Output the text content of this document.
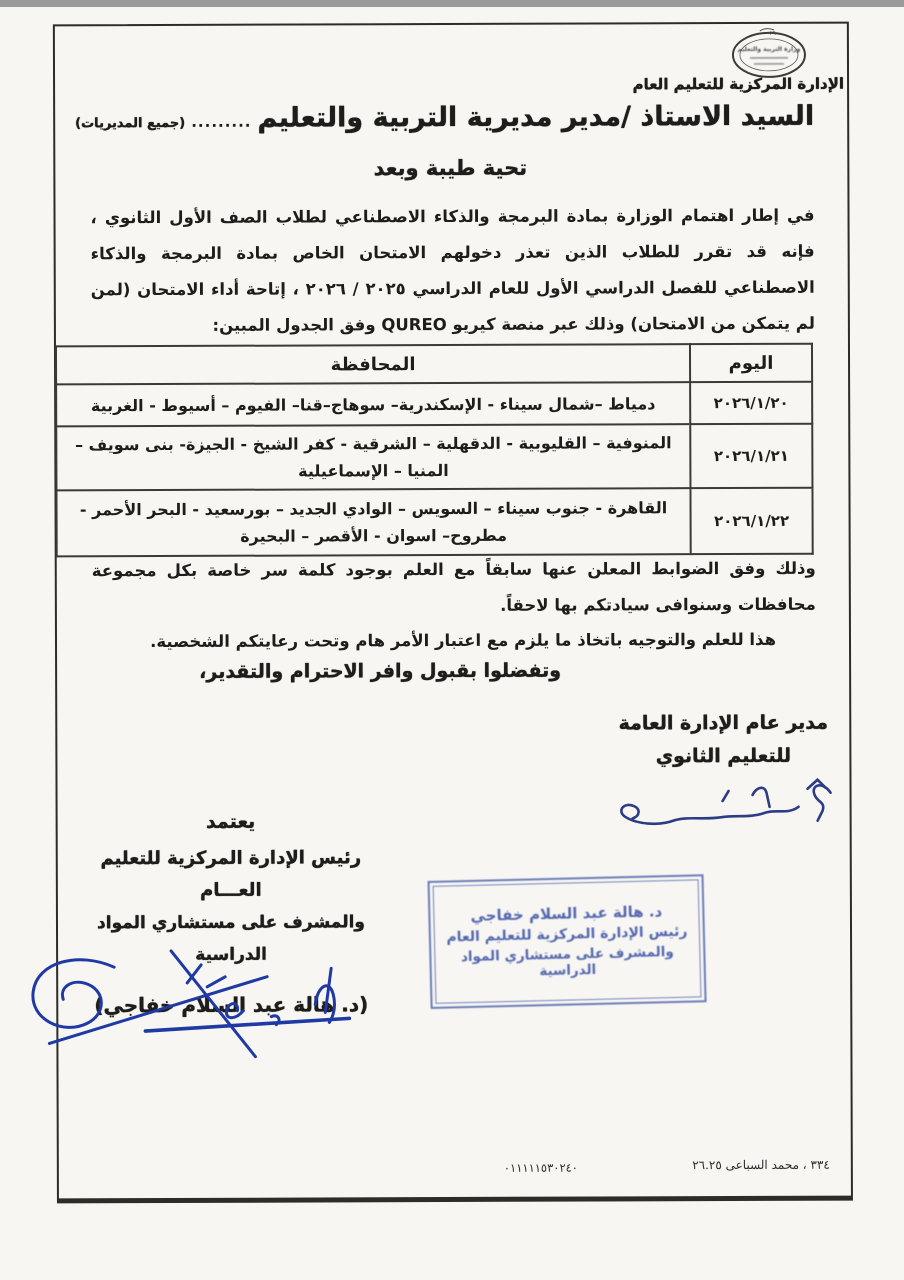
وزارة التربية والتعليم
٢٩
الإدارة المركزية للتعليم العام
السيد الاستاذ /مدير مديرية التربية والتعليم
.........
(جميع المديريات)
تحية طيبة وبعد

في إطار اهتمام الوزارة بمادة البرمجة والذكاء الاصطناعي لطلاب الصف الأول الثانوي ، فإنه قد تقرر للطلاب الذين تعذر دخولهم الامتحان الخاص بمادة البرمجة والذكاء الاصطناعي للفصل الدراسي الأول للعام الدراسي ٢٠٢٥ / ٢٠٢٦ ، إتاحة أداء الامتحان (لمن لم يتمكن من الامتحان) وذلك عبر منصة كيريو QUREO وفق الجدول المبين:

اليوم	المحافظة
٢٠٢٦/١/٢٠	دمياط –شمال سيناء - الإسكندرية– سوهاج–قنا– الفيوم – أسيوط - الغربية
٢٠٢٦/١/٢١	المنوفية – القليوبية - الدقهلية – الشرقية - كفر الشيخ - الجيزة- بنى سويف – المنيا – الإسماعيلية
٢٠٢٦/١/٢٢	القاهرة - جنوب سيناء – السويس – الوادي الجديد – بورسعيد - البحر الأحمر - مطروح– اسوان - الأقصر – البحيرة

وذلك وفق الضوابط المعلن عنها سابقاً مع العلم بوجود كلمة سر خاصة بكل مجموعة محافظات وسنوافى سيادتكم بها لاحقاً.

هذا للعلم والتوجيه باتخاذ ما يلزم مع اعتبار الأمر هام وتحت رعايتكم الشخصية.

وتفضلوا بقبول وافر الاحترام والتقدير،
مدير عام الإدارة العامة
للتعليم الثانوي
يعتمد
رئيس الإدارة المركزية للتعليم العـــام
والمشرف على مستشاري المواد الدراسية
(د. هالة عبد السلام خفاجي)
د. هالة عبد السلام خفاجي
رئيس الإدارة المركزية للتعليم العام
والمشرف على مستشاري المواد الدراسية
٣٣٤ ، محمد السباعى ٢٦.٢٥
٠١١١١١٥٣٠٢٤٠
